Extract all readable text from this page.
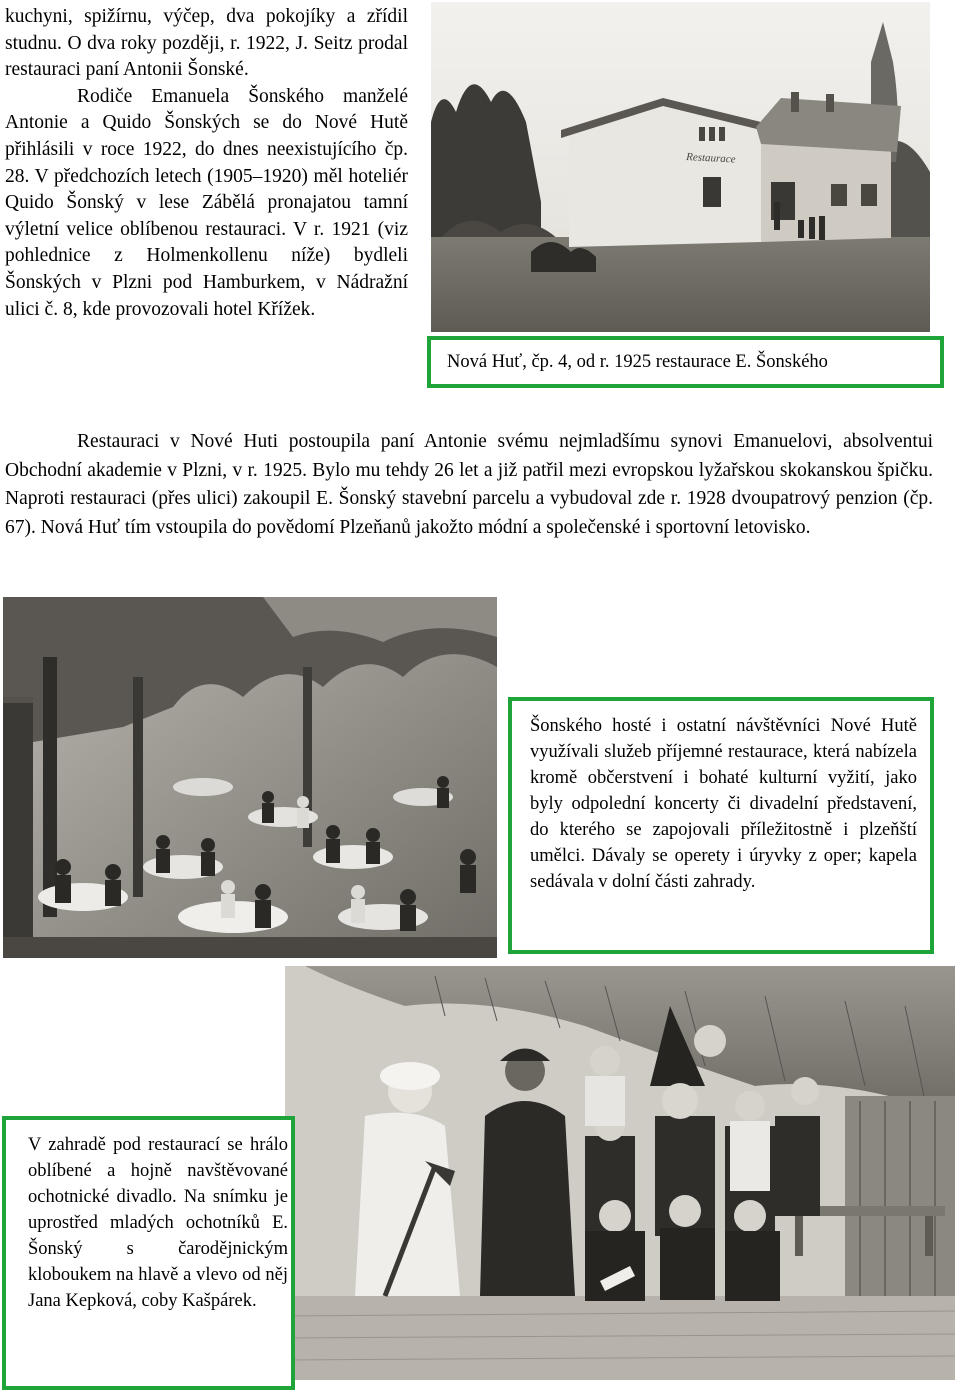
kuchyni, spižírnu, výčep, dva pokojíky a zřídil studnu. O dva roky později, r. 1922, J. Seitz prodal restauraci paní Antonii Šonské.

Rodiče Emanuela Šonského manželé Antonie a Quido Šonských se do Nové Hutě přihlásili v roce 1922, do dnes neexistujícího čp. 28. V předchozích letech (1905–1920) měl hoteliér Quido Šonský v lese Zábělá pronajatou tamní výletní velice oblíbenou restauraci. V r. 1921 (viz pohlednice z Holmenkollenu níže) bydleli Šonských v Plzni pod Hamburkem, v Nádražní ulici č. 8, kde provozovali hotel Křížek.

Restaurace
Nová Huť, čp. 4, od r. 1925 restaurace E. Šonského

Restauraci v Nové Huti postoupila paní Antonie svému nejmladšímu synovi Emanuelovi, absolventui Obchodní akademie v Plzni, v r. 1925. Bylo mu tehdy 26 let a již patřil mezi evropskou lyžařskou skokanskou špičku. Naproti restauraci (přes ulici) zakoupil E. Šonský stavební parcelu a vybudoval zde r. 1928 dvoupatrový penzion (čp. 67). Nová Huť tím vstoupila do povědomí Plzeňanů jakožto módní a společenské i sportovní letovisko.

Šonského hosté i ostatní návštěvníci Nové Hutě využívali služeb příjemné restaurace, která nabízela kromě občerstvení i bohaté kulturní vyžití, jako byly odpolední koncerty či divadelní představení, do kterého se zapojovali příležitostně i plzeňští umělci. Dávaly se operety i úryvky z oper; kapela sedávala v dolní části zahrady.

V zahradě pod restaurací se hrálo oblíbené a hojně navštěvované ochotnické divadlo. Na snímku je uprostřed mladých ochotníků E. Šonský s čarodějnickým kloboukem na hlavě a vlevo od něj Jana Kepková, coby Kašpárek.
